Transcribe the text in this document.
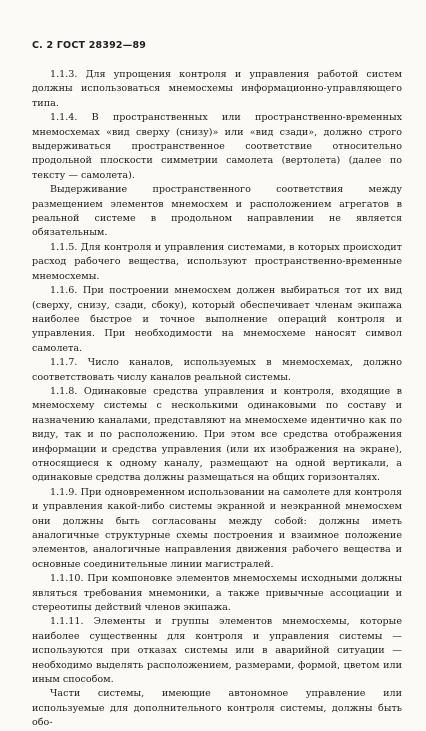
С. 2 ГОСТ 28392—89

1.1.3. Для упрощения контроля и управления работой систем должны использоваться мнемосхемы информационно-управляющего типа.

1.1.4. В пространственных или пространственно-временных мнемосхемах «вид сверху (снизу)» или «вид сзади», должно строго выдерживаться пространственное соответствие относительно продольной плоскости симметрии самолета (вертолета) (далее по тексту — самолета).

Выдерживание пространственного соответствия между размещением элементов мнемосхем и расположением агрегатов в реальной системе в продольном направлении не является обязательным.

1.1.5. Для контроля и управления системами, в которых происходит расход рабочего вещества, используют пространственно-временные мнемосхемы.

1.1.6. При построении мнемосхем должен выбираться тот их вид (сверху, снизу, сзади, сбоку), который обеспечивает членам экипажа наиболее быстрое и точное выполнение операций контроля и управления. При необходимости на мнемосхеме наносят символ самолета.

1.1.7. Число каналов, используемых в мнемосхемах, должно соответствовать числу каналов реальной системы.

1.1.8. Одинаковые средства управления и контроля, входящие в мнемосхему системы с несколькими одинаковыми по составу и назначению каналами, представляют на мнемосхеме идентично как по виду, так и по расположению. При этом все средства отображения информации и средства управления (или их изображения на экране), относящиеся к одному каналу, размещают на одной вертикали, а одинаковые средства должны размещаться на общих горизонталях.

1.1.9. При одновременном использовании на самолете для контроля и управления какой-либо системы экранной и неэкранной мнемосхем они должны быть согласованы между собой: должны иметь аналогичные структурные схемы построения и взаимное положение элементов, аналогичные направления движения рабочего вещества и основные соединительные линии магистралей.

1.1.10. При компоновке элементов мнемосхемы исходными должны являться требования мнемоники, а также привычные ассоциации и стереотипы действий членов экипажа.

1.1.11. Элементы и группы элементов мнемосхемы, которые наиболее существенны для контроля и управления системы — используются при отказах системы или в аварийной ситуации — необходимо выделять расположением, размерами, формой, цветом или иным способом.

Части системы, имеющие автономное управление или используемые для дополнительного контроля системы, должны быть обо-
